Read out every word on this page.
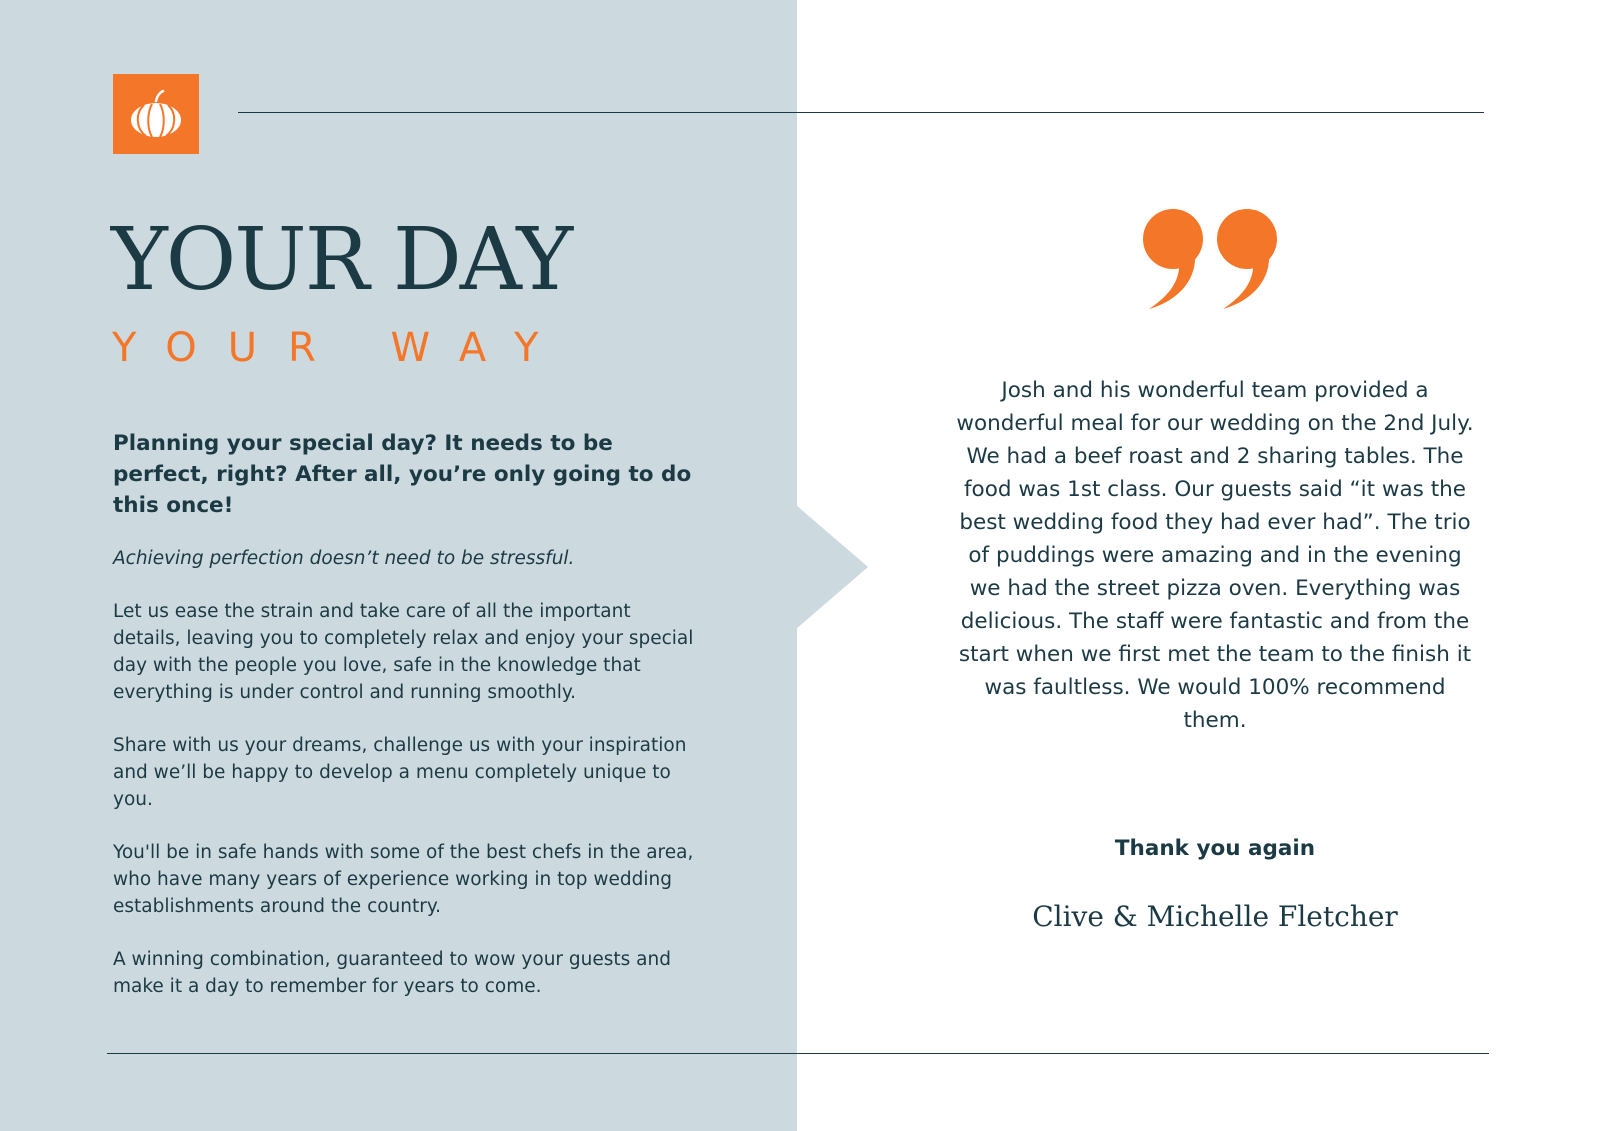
YOUR DAY
YOUR WAY

Planning your special day? It needs to be perfect, right? After all, you’re only going to do this once!

Achieving perfection doesn’t need to be stressful.

Let us ease the strain and take care of all the important details, leaving you to completely relax and enjoy your special day with the people you love, safe in the knowledge that everything is under control and running smoothly.

Share with us your dreams, challenge us with your inspiration and we’ll be happy to develop a menu completely unique to you.

You'll be in safe hands with some of the best chefs in the area, who have many years of experience working in top wedding establishments around the country.

A winning combination, guaranteed to wow your guests and make it a day to remember for years to come.

Josh and his wonderful team provided a wonderful meal for our wedding on the 2nd July. We had a beef roast and 2 sharing tables. The food was 1st class. Our guests said “it was the best wedding food they had ever had”. The trio of puddings were amazing and in the evening we had the street pizza oven. Everything was delicious. The staff were fantastic and from the start when we first met the team to the finish it was faultless. We would 100% recommend them.

Thank you again

Clive & Michelle Fletcher
